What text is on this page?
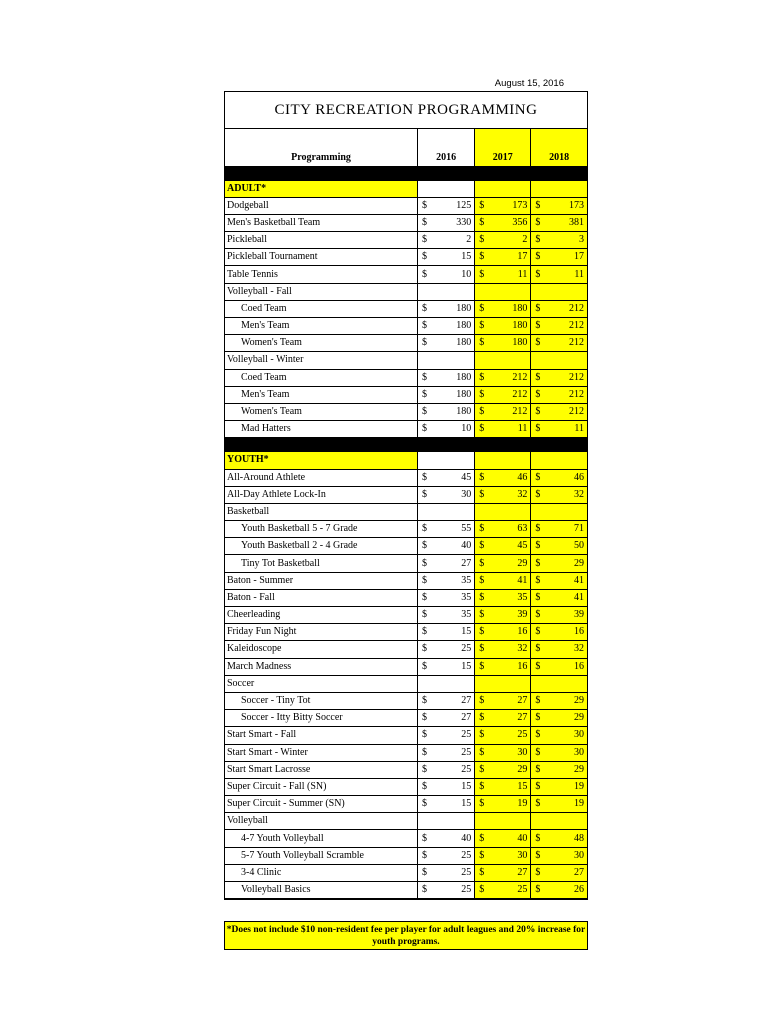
August 15, 2016
CITY RECREATION PROGRAMMING
Programming	2016	2017	2018

ADULT*			
Dodgeball	$ 125	$ 173	$ 173

Men's Basketball Team	$ 330	$ 356	$ 381

Pickleball	$ 2	$ 2	$ 3

Pickleball Tournament	$ 15	$ 17	$ 17

Table Tennis	$ 10	$ 11	$ 11

Volleyball - Fall			
Coed Team	$ 180	$ 180	$ 212

Men's Team	$ 180	$ 180	$ 212

Women's Team	$ 180	$ 180	$ 212

Volleyball - Winter			
Coed Team	$ 180	$ 212	$ 212

Men's Team	$ 180	$ 212	$ 212

Women's Team	$ 180	$ 212	$ 212

Mad Hatters	$ 10	$ 11	$ 11

YOUTH*			
All-Around Athlete	$ 45	$ 46	$ 46

All-Day Athlete Lock-In	$ 30	$ 32	$ 32

Basketball			
Youth Basketball 5 - 7 Grade	$ 55	$ 63	$ 71

Youth Basketball 2 - 4 Grade	$ 40	$ 45	$ 50

Tiny Tot Basketball	$ 27	$ 29	$ 29

Baton - Summer	$ 35	$ 41	$ 41

Baton - Fall	$ 35	$ 35	$ 41

Cheerleading	$ 35	$ 39	$ 39

Friday Fun Night	$ 15	$ 16	$ 16

Kaleidoscope	$ 25	$ 32	$ 32

March Madness	$ 15	$ 16	$ 16

Soccer			
Soccer - Tiny Tot	$ 27	$ 27	$ 29

Soccer - Itty Bitty Soccer	$ 27	$ 27	$ 29

Start Smart - Fall	$ 25	$ 25	$ 30

Start Smart - Winter	$ 25	$ 30	$ 30

Start Smart Lacrosse	$ 25	$ 29	$ 29

Super Circuit - Fall (SN)	$ 15	$ 15	$ 19

Super Circuit - Summer (SN)	$ 15	$ 19	$ 19

Volleyball			
4-7 Youth Volleyball	$ 40	$ 40	$ 48

5-7 Youth Volleyball Scramble	$ 25	$ 30	$ 30

3-4 Clinic	$ 25	$ 27	$ 27

Volleyball Basics	$ 25	$ 25	$ 26
*Does not include $10 non-resident fee per player for adult leagues and 20% increase for youth programs.
